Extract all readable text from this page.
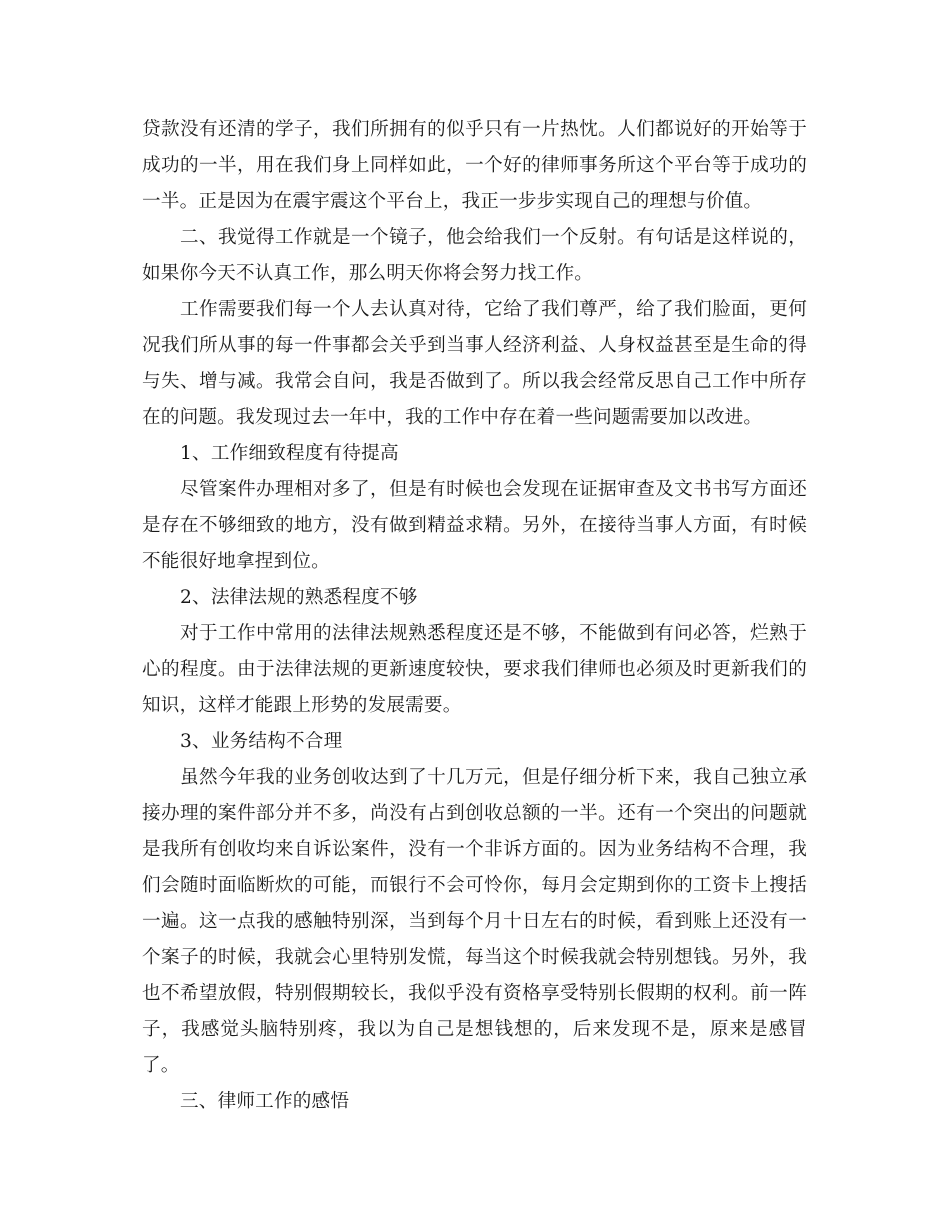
贷款没有还清的学子，我们所拥有的似乎只有一片热忱。人们都说好的开始等于成功的一半，用在我们身上同样如此，一个好的律师事务所这个平台等于成功的一半。正是因为在震宇震这个平台上，我正一步步实现自己的理想与价值。

二、我觉得工作就是一个镜子，他会给我们一个反射。有句话是这样说的，如果你今天不认真工作，那么明天你将会努力找工作。

工作需要我们每一个人去认真对待，它给了我们尊严，给了我们脸面，更何况我们所从事的每一件事都会关乎到当事人经济利益、人身权益甚至是生命的得与失、增与减。我常会自问，我是否做到了。所以我会经常反思自己工作中所存在的问题。我发现过去一年中，我的工作中存在着一些问题需要加以改进。

1、工作细致程度有待提高

尽管案件办理相对多了，但是有时候也会发现在证据审查及文书书写方面还是存在不够细致的地方，没有做到精益求精。另外，在接待当事人方面，有时候不能很好地拿捏到位。

2、法律法规的熟悉程度不够

对于工作中常用的法律法规熟悉程度还是不够，不能做到有问必答，烂熟于心的程度。由于法律法规的更新速度较快，要求我们律师也必须及时更新我们的知识，这样才能跟上形势的发展需要。

3、业务结构不合理

虽然今年我的业务创收达到了十几万元，但是仔细分析下来，我自己独立承接办理的案件部分并不多，尚没有占到创收总额的一半。还有一个突出的问题就是我所有创收均来自诉讼案件，没有一个非诉方面的。因为业务结构不合理，我们会随时面临断炊的可能，而银行不会可怜你，每月会定期到你的工资卡上搜括一遍。这一点我的感触特别深，当到每个月十日左右的时候，看到账上还没有一个案子的时候，我就会心里特别发慌，每当这个时候我就会特别想钱。另外，我也不希望放假，特别假期较长，我似乎没有资格享受特别长假期的权利。前一阵子，我感觉头脑特别疼，我以为自己是想钱想的，后来发现不是，原来是感冒了。

三、律师工作的感悟
